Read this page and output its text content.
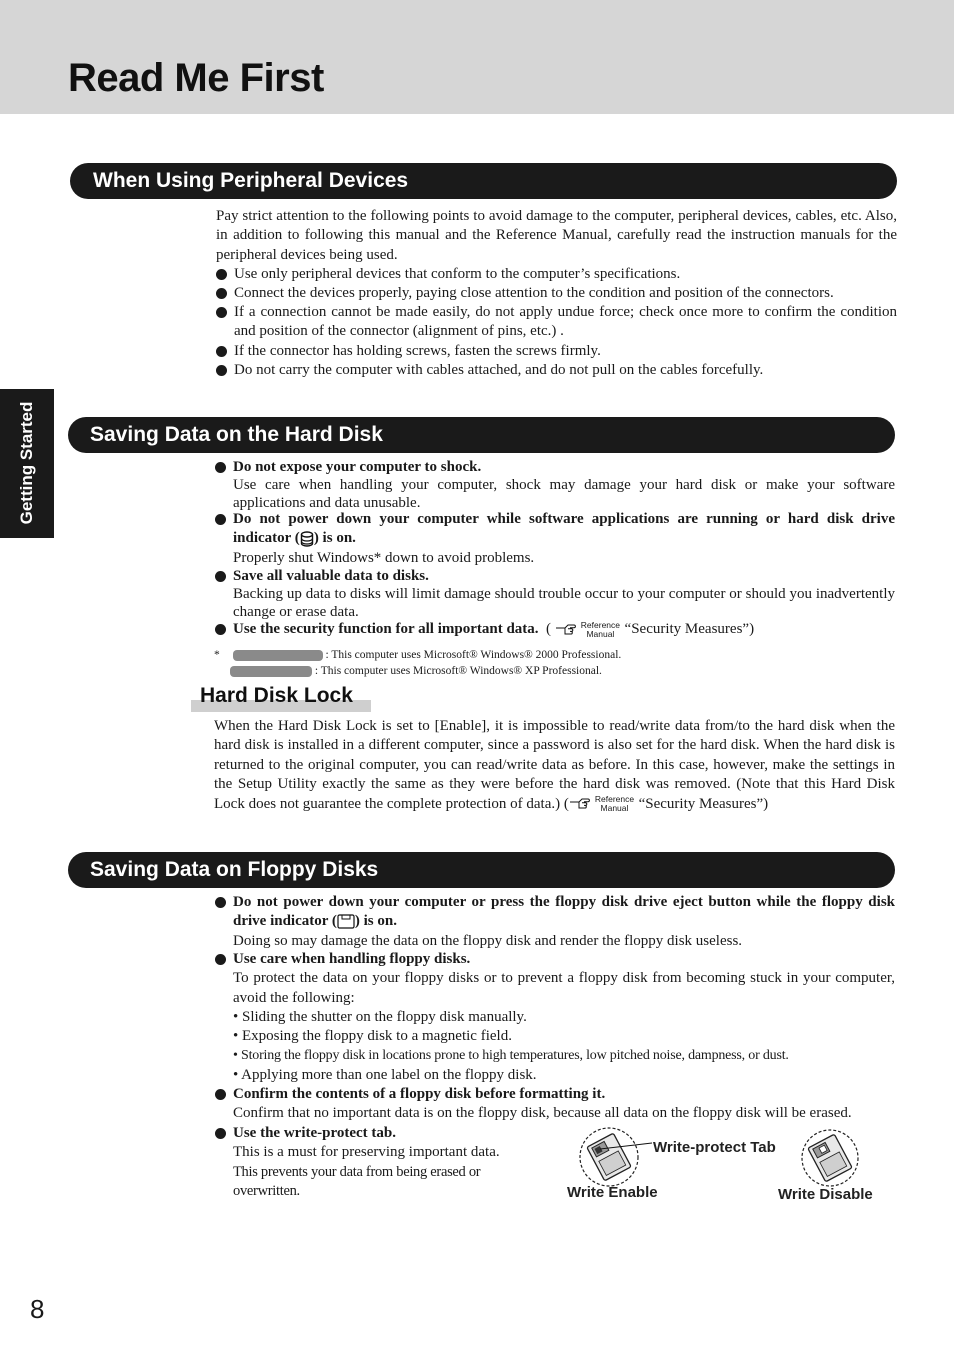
Read Me First
Getting Started
When Using Peripheral Devices

Pay strict attention to the following points to avoid damage to the computer, peripheral devices, cables, etc. Also, in addition to following this manual and the Reference Manual, carefully read the instruction manuals for the peripheral devices being used.

Use only peripheral devices that conform to the computer’s specifications.
Connect the devices properly, paying close attention to the condition and position of the connectors.
If a connection cannot be made easily, do not apply undue force; check once more to confirm the condition and position of the connector (alignment of pins, etc.) .
If the connector has holding screws, fasten the screws firmly.
Do not carry the computer with cables attached, and do not pull on the cables forcefully.
Saving Data on the Hard Disk
Do not expose your computer to shock.
Use care when handling your computer, shock may damage your hard disk or make your software applications and data unusable.
Do not power down your computer while software applications are running or hard disk drive indicator ( ) is on.
Properly shut Windows* down to avoid problems.
Save all valuable data to disks.
Backing up data to disks will limit damage should trouble occur to your computer or should you inadvertently change or erase data.
Use the security function for all important data. (	Reference
Manual “Security Measures”)
*	: This computer uses Microsoft® Windows® 2000 Professional.
: This computer uses Microsoft® Windows® XP Professional.
Hard Disk Lock
When the Hard Disk Lock is set to [Enable], it is impossible to read/write data from/to the hard disk when the hard disk is installed in a different computer, since a password is also set for the hard disk. When the hard disk is returned to the original computer, you can read/write data as before. In this case, however, make the settings in the Setup Utility exactly the same as they were before the hard disk was removed. (Note that this Hard Disk Lock does not guarantee the complete protection of data.) (	Reference
Manual “Security Measures”)
Saving Data on Floppy Disks
Do not power down your computer or press the floppy disk drive eject button while the floppy disk drive indicator ( ) is on.
Doing so may damage the data on the floppy disk and render the floppy disk useless.
Use care when handling floppy disks.
To protect the data on your floppy disks or to prevent a floppy disk from becoming stuck in your computer, avoid the following:
• Sliding the shutter on the floppy disk manually.
• Exposing the floppy disk to a magnetic field.
• Storing the floppy disk in locations prone to high temperatures, low pitched noise, dampness, or dust.
• Applying more than one label on the floppy disk.
Confirm the contents of a floppy disk before formatting it.
Confirm that no important data is on the floppy disk, because all data on the floppy disk will be erased.
Use the write-protect tab.
This is a must for preserving important data.
This prevents your data from being erased or overwritten.
Write-protect Tab
Write Enable	Write Disable
8
